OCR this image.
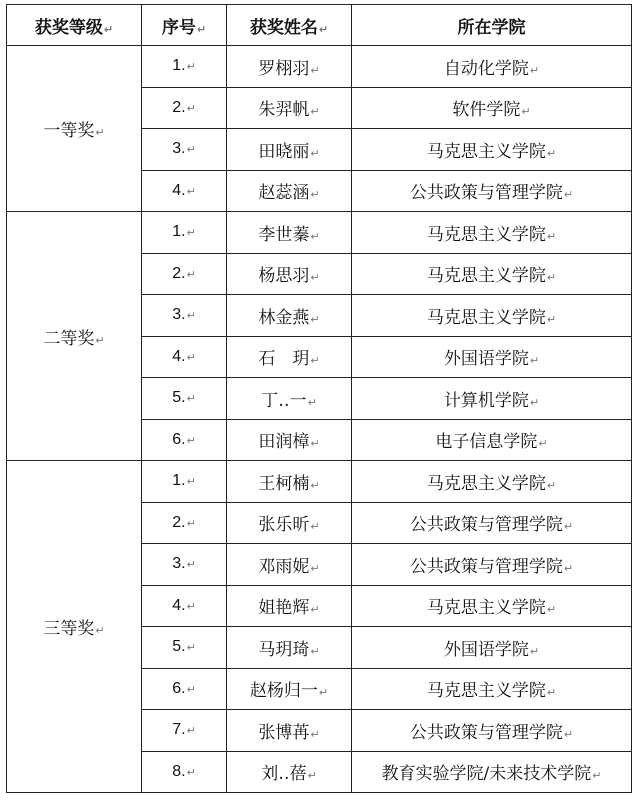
获奖等级 ↵	序号 ↵	获奖姓名 ↵	所在学院
一等奖 ↵	1. ↵	罗栩羽 ↵	自动化学院 ↵
	2. ↵	朱羿帆 ↵	软件学院 ↵
	3. ↵	田晓丽 ↵	马克思主义学院 ↵
	4. ↵	赵蕊涵 ↵	公共政策与管理学院 ↵
二等奖 ↵	1. ↵	李世蓁 ↵	马克思主义学院 ↵
	2. ↵	杨思羽 ↵	马克思主义学院 ↵
	3. ↵	林金燕 ↵	马克思主义学院 ↵
	4. ↵	石　玥 ↵	外国语学院 ↵
	5. ↵	丁‥一 ↵	计算机学院 ↵
	6. ↵	田润樟 ↵	电子信息学院 ↵
三等奖 ↵	1. ↵	王柯楠 ↵	马克思主义学院 ↵
	2. ↵	张乐昕 ↵	公共政策与管理学院 ↵
	3. ↵	邓雨妮 ↵	公共政策与管理学院 ↵
	4. ↵	姐艳辉 ↵	马克思主义学院 ↵
	5. ↵	马玥琦 ↵	外国语学院 ↵
	6. ↵	赵杨归一 ↵	马克思主义学院 ↵
	7. ↵	张博苒 ↵	公共政策与管理学院 ↵
	8. ↵	刘‥蓓 ↵	教育实验学院/未来技术学院 ↵
